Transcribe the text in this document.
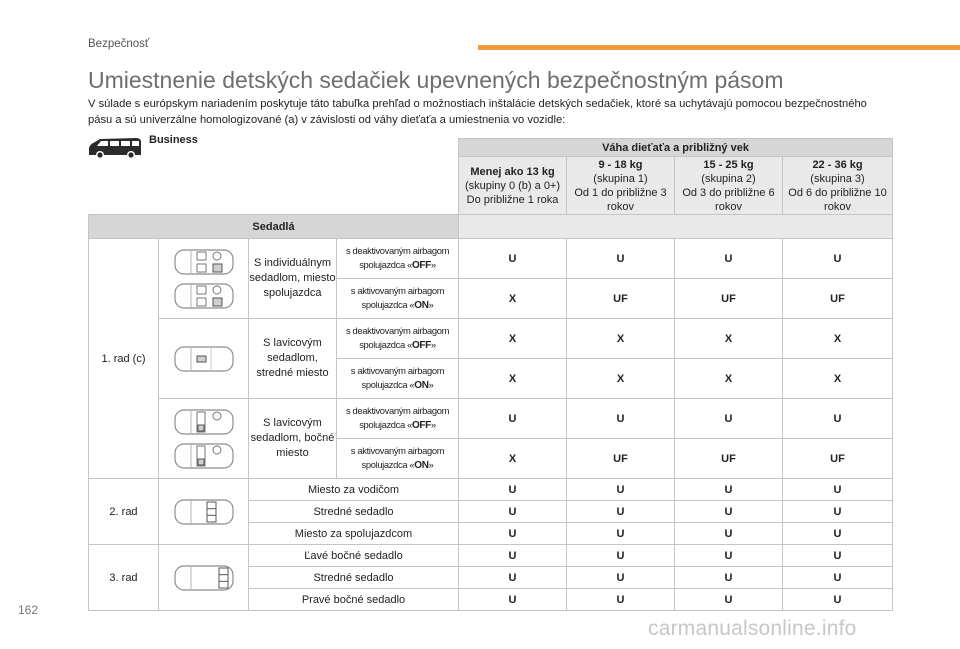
Bezpečnosť
Umiestnenie detských sedačiek upevnených bezpečnostným pásom
V súlade s európskym nariadením poskytuje táto tabuľka prehľad o možnostiach inštalácie detských sedačiek, ktoré sa uchytávajú pomocou bezpečnostného pásu a sú univerzálne homologizované (a) v závislosti od váhy dieťaťa a umiestnenia vo vozidle:
Business
				Váha dieťaťa a približný vek			
				Menej ako 13 kg
(skupiny 0 (b) a 0+)
Do približne 1 roka	9 - 18 kg
(skupina 1)
Od 1 do približne 3 rokov	15 - 25 kg
(skupina 2)
Od 3 do približne 6 rokov	22 - 36 kg
(skupina 3)
Od 6 do približne 10 rokov
Sedadlá							
1. rad (c)		S individuálnym sedadlom, miesto spolujazdca	s deaktivovaným airbagom spolujazdca «OFF»	U	U	U	U
			s aktivovaným airbagom spolujazdca «ON»	X	UF	UF	UF

	S lavicovým sedadlom, stredné miesto	s deaktivovaným airbagom spolujazdca «OFF»	X	X	X	X
			s aktivovaným airbagom spolujazdca «ON»	X	X	X	X

	S lavicovým sedadlom, bočné miesto	s deaktivovaným airbagom spolujazdca «OFF»	U	U	U	U
			s aktivovaným airbagom spolujazdca «ON»	X	UF	UF	UF
2. rad		Miesto za vodičom		U	U	U	U
		Stredné sedadlo		U	U	U	U
		Miesto za spolujazdcom		U	U	U	U
3. rad		Ľavé bočné sedadlo		U	U	U	U
		Stredné sedadlo		U	U	U	U
		Pravé bočné sedadlo		U	U	U	U
162
carmanualsonline.info
